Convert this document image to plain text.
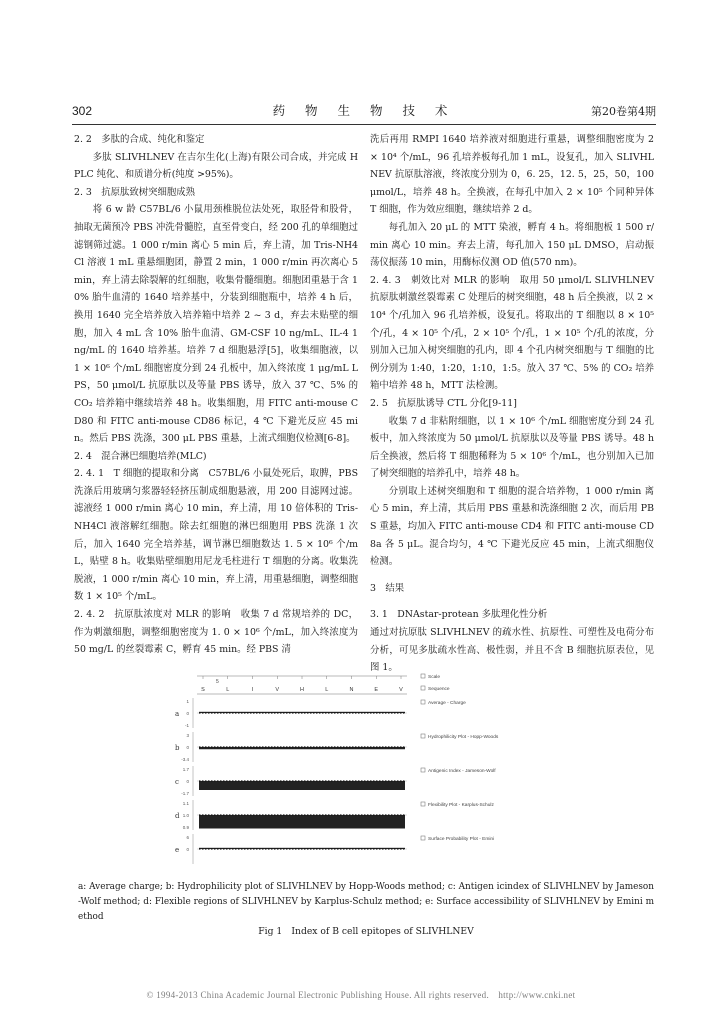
302	药 物 生 物 技 术	第20卷第4期

2. 2　多肽的合成、纯化和鉴定

多肽 SLIVHLNEV 在吉尔生化(上海)有限公司合成，并完成 HPLC 纯化、和质谱分析(纯度 >95%)。

2. 3　抗原肽致树突细胞成熟

将 6 w 龄 C57BL/6 小鼠用颈椎脱位法处死，取胫骨和股骨，抽取无菌预冷 PBS 冲洗骨髓腔，直至骨变白，经 200 孔的单细胞过滤钢筛过滤。1 000 r/min 离心 5 min 后，弃上清，加 Tris-NH4Cl 溶液 1 mL 重悬细胞团，静置 2 min，1 000 r/min 再次离心 5 min，弃上清去除裂解的红细胞，收集骨髓细胞。细胞团重悬于含 10% 胎牛血清的 1640 培养基中，分装到细胞瓶中，培养 4 h 后，换用 1640 完全培养放入培养箱中培养 2 ~ 3 d，弃去未贴壁的细胞，加入 4 mL 含 10% 胎牛血清、GM-CSF 10 ng/mL、IL-4 1 ng/mL 的 1640 培养基。培养 7 d 细胞悬浮[5]，收集细胞液，以 1 × 10⁶ 个/mL 细胞密度分到 24 孔板中，加入终浓度 1 μg/mL LPS，50 μmol/L 抗原肽以及等量 PBS 诱导，放入 37 ℃、5% 的 CO₂ 培养箱中继续培养 48 h。收集细胞，用 FITC anti-mouse CD80 和 FITC anti-mouse CD86 标记，4 ℃ 下避光反应 45 min。然后 PBS 洗涤，300 μL PBS 重悬，上流式细胞仪检测[6-8]。

2. 4　混合淋巴细胞培养(MLC)

2. 4. 1　T 细胞的提取和分离　C57BL/6 小鼠处死后，取脾，PBS 洗涤后用玻璃匀浆器轻轻挤压制成细胞悬液，用 200 目滤网过滤。滤液经 1 000 r/min 离心 10 min，弃上清，用 10 倍体积的 Tris-NH4Cl 液溶解红细胞。除去红细胞的淋巴细胞用 PBS 洗涤 1 次后，加入 1640 完全培养基，调节淋巴细胞数达 1. 5 × 10⁶ 个/mL，贴壁 8 h。收集贴壁细胞用尼龙毛柱进行 T 细胞的分离。收集洗脱液，1 000 r/min 离心 10 min，弃上清，用重悬细胞，调整细胞数 1 × 10⁵ 个/mL。

2. 4. 2　抗原肽浓度对 MLR 的影响　收集 7 d 常规培养的 DC，作为刺激细胞，调整细胞密度为 1. 0 × 10⁶ 个/mL，加入终浓度为 50 mg/L 的丝裂霉素 C，孵育 45 min。经 PBS 清

洗后再用 RMPI 1640 培养液对细胞进行重悬，调整细胞密度为 2 × 10⁴ 个/mL，96 孔培养板每孔加 1 mL，设复孔，加入 SLIVHLNEV 抗原肽溶液，终浓度分别为 0，6. 25，12. 5，25，50，100 μmol/L，培养 48 h。全换液，在每孔中加入 2 × 10⁵ 个同种异体 T 细胞，作为效应细胞，继续培养 2 d。

每孔加入 20 μL 的 MTT 染液，孵育 4 h。将细胞板 1 500 r/min 离心 10 min。弃去上清，每孔加入 150 μL DMSO，启动振荡仪振荡 10 min，用酶标仪测 OD 值(570 nm)。

2. 4. 3　刺效比对 MLR 的影响　取用 50 μmol/L SLIVHLNEV 抗原肽刺激丝裂霉素 C 处理后的树突细胞，48 h 后全换液，以 2 × 10⁴ 个/孔加入 96 孔培养板，设复孔。将取出的 T 细胞以 8 × 10⁵ 个/孔，4 × 10⁵ 个/孔，2 × 10⁵ 个/孔，1 × 10⁵ 个/孔的浓度，分别加入已加入树突细胞的孔内，即 4 个孔内树突细胞与 T 细胞的比例分别为 1:40，1:20，1:10，1:5。放入 37 ℃、5% 的 CO₂ 培养箱中培养 48 h，MTT 法检测。

2. 5　抗原肽诱导 CTL 分化[9-11]

收集 7 d 非粘附细胞，以 1 × 10⁶ 个/mL 细胞密度分到 24 孔板中，加入终浓度为 50 μmol/L 抗原肽以及等量 PBS 诱导。48 h 后全换液，然后将 T 细胞稀释为 5 × 10⁶ 个/mL，也分别加入已加了树突细胞的培养孔中，培养 48 h。

分别取上述树突细胞和 T 细胞的混合培养物，1 000 r/min 离心 5 min，弃上清，其后用 PBS 重悬和洗涤细胞 2 次，而后用 PBS 重悬，均加入 FITC anti-mouse CD4 和 FITC anti-mouse CD8a 各 5 μL。混合均匀，4 ℃ 下避光反应 45 min，上流式细胞仪检测。

3　结果

3. 1　DNAstar-protean 多肽理化性分析

通过对抗原肽 SLIVHLNEV 的疏水性、抗原性、可塑性及电荷分布分析，可见多肽疏水性高、极性弱，并且不含 B 细胞抗原表位，见图 1。

5
S	L	I	V	H	L	N	E	V
a
1
0
-1
b
3
0
-3.4
c
1.7
0
-1.7
d
1.1
1.0
0.9
e
6
0
Scale
Sequence
Average - Charge
Hydrophilicity Plot - Hopp-Woods
Antigenic Index - Jameson-Wolf
Flexibility Plot - Karplus-Schulz
Surface Probability Plot - Emini
a: Average charge; b: Hydrophilicity plot of SLIVHLNEV by Hopp-Woods method; c: Antigen icindex of SLIVHLNEV by Jameson-Wolf method; d: Flexible regions of SLIVHLNEV by Karplus-Schulz method; e: Surface accessibility of SLIVHLNEV by Emini method
Fig 1　Index of B cell epitopes of SLIVHLNEV
© 1994-2013 China Academic Journal Electronic Publishing House. All rights reserved.　http://www.cnki.net
